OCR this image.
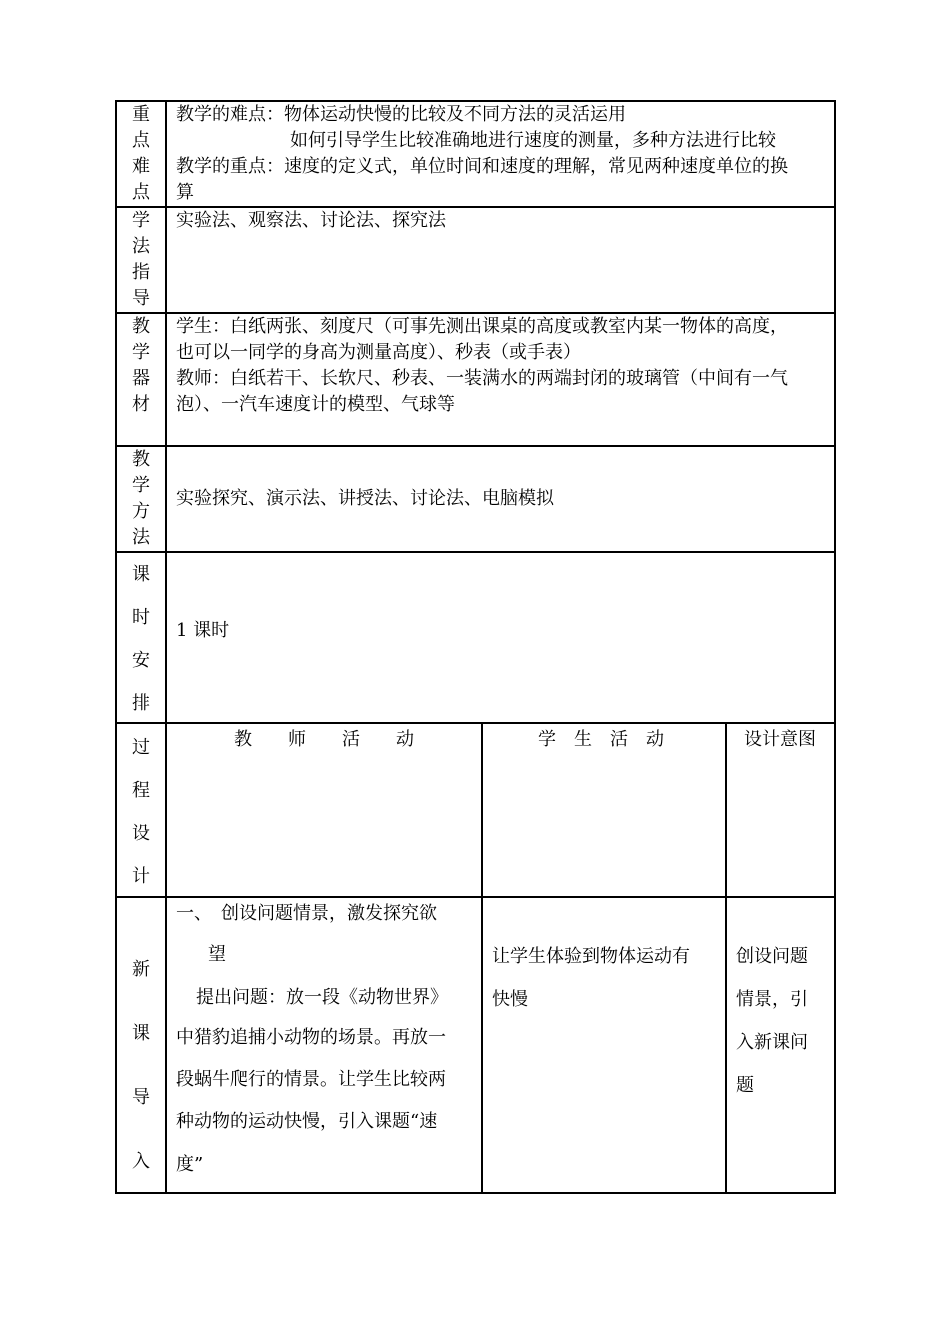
重
点
难
点
教学的难点：物体运动快慢的比较及不同方法的灵活运用
如何引导学生比较准确地进行速度的测量，多种方法进行比较
教学的重点：速度的定义式，单位时间和速度的理解，常见两种速度单位的换
算
学
法
指
导
实验法、观察法、讨论法、探究法
教
学
器
材
学生：白纸两张、刻度尺（可事先测出课桌的高度或教室内某一物体的高度，
也可以一同学的身高为测量高度）、秒表（或手表）
教师：白纸若干、长软尺、秒表、一装满水的两端封闭的玻璃管（中间有一气
泡）、一汽车速度计的模型、气球等
教
学
方
法
实验探究、演示法、讲授法、讨论法、电脑模拟
课
时
安
排
1 课时
过
程
设
计
教　　师　　活　　动	学　生　活　动	设计意图
新
课
导
入
一、　创设问题情景，激发探究欲
望
提出问题：放一段《动物世界》
中猎豹追捕小动物的场景。再放一
段蜗牛爬行的情景。让学生比较两
种动物的运动快慢，引入课题“速
度”
让学生体验到物体运动有
快慢
创设问题
情景，引
入新课问
题
